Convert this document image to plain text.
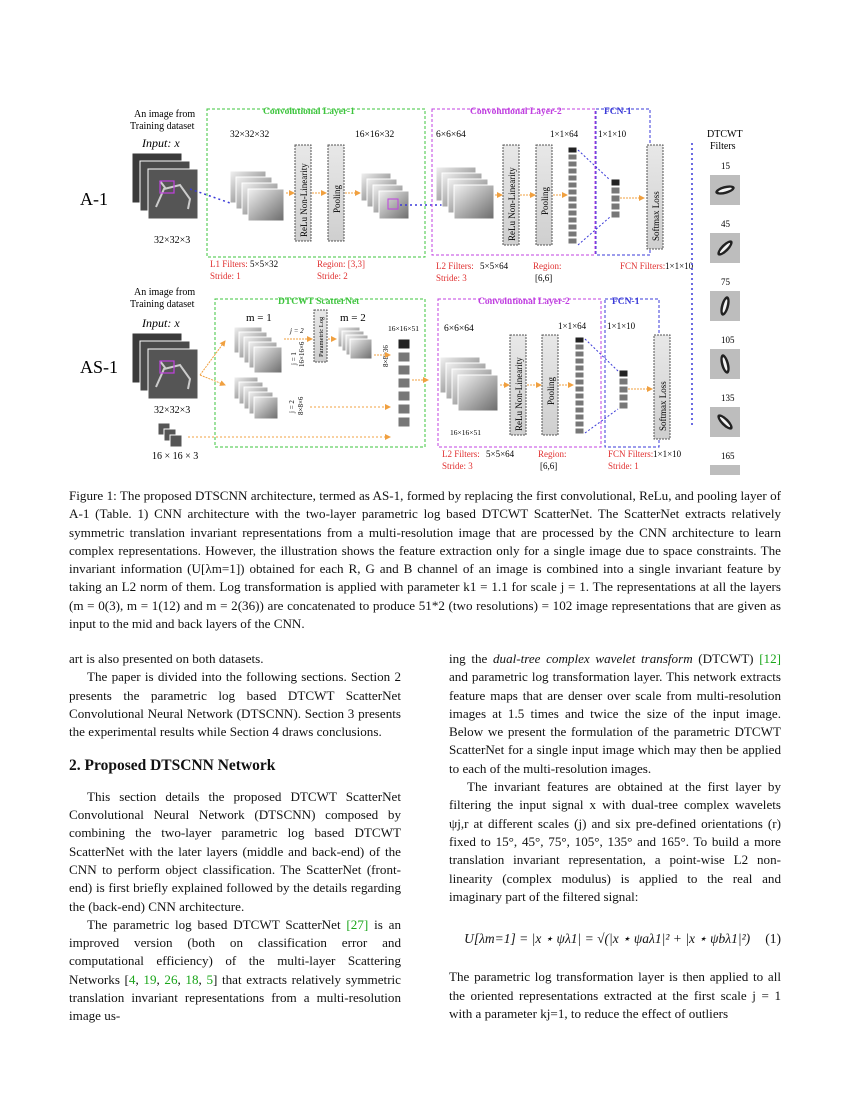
A-1
An image from
Training dataset
Input: x
32×32×3
Convolutional Layer-1
32×32×32
ReLu Non-Linearity	Pooling
16×16×32
L1 Filters: 5×5×32
Stride: 1
Region: [3,3]
Stride: 2
Convolutional Layer-2
6×6×64
ReLu Non-Linearity	Pooling
1×1×64
FCN-1
1×1×10
Softmax Loss
L2 Filters: 5×5×64
Stride: 3
Region:
[6,6]
FCN Filters: 1×1×10
AS-1
An image from
Training dataset
Input: x
32×32×3
16 × 16 × 3
DTCWT ScatterNet
m = 1
j = 1 16×16×6
j = 2 Parametric Log m = 2
8×8×36
j = 2 8×8×6
16×16×51
Convolutional Layer-2
6×6×64
16×16×51
ReLu Non-Linearity Pooling
1×1×64
FCN-1
1×1×10
Softmax Loss
L2 Filters: 5×5×64
Stride: 3
Region:
[6,6]
FCN Filters: 1×1×10
Stride: 1
DTCWT
Filters
15
45
75
105
135
165
Figure 1: The proposed DTSCNN architecture, termed as AS-1, formed by replacing the first convolutional, ReLu, and pooling layer of A-1 (Table. 1) CNN architecture with the two-layer parametric log based DTCWT ScatterNet. The ScatterNet extracts relatively symmetric translation invariant representations from a multi-resolution image that are processed by the CNN architecture to learn complex representations. However, the illustration shows the feature extraction only for a single image due to space constraints. The invariant information (U[λm=1]) obtained for each R, G and B channel of an image is combined into a single invariant feature by taking an L2 norm of them. Log transformation is applied with parameter k1 = 1.1 for scale j = 1. The representations at all the layers (m = 0(3), m = 1(12) and m = 2(36)) are concatenated to produce 51*2 (two resolutions) = 102 image representations that are given as input to the mid and back layers of the CNN.

art is also presented on both datasets.

The paper is divided into the following sections. Section 2 presents the parametric log based DTCWT ScatterNet Convolutional Neural Network (DTSCNN). Section 3 presents the experimental results while Section 4 draws conclusions.

2. Proposed DTSCNN Network

This section details the proposed DTCWT ScatterNet Convolutional Neural Network (DTSCNN) composed by combining the two-layer parametric log based DTCWT ScatterNet with the later layers (middle and back-end) of the CNN to perform object classification. The ScatterNet (front-end) is first briefly explained followed by the details regarding the (back-end) CNN architecture.

The parametric log based DTCWT ScatterNet [27] is an improved version (both on classification error and computational efficiency) of the multi-layer Scattering Networks [4, 19, 26, 18, 5] that extracts relatively symmetric translation invariant representations from a multi-resolution image us-

ing the dual-tree complex wavelet transform (DTCWT) [12] and parametric log transformation layer. This network extracts feature maps that are denser over scale from multi-resolution images at 1.5 times and twice the size of the input image. Below we present the formulation of the parametric DTCWT ScatterNet for a single input image which may then be applied to each of the multi-resolution images.

The invariant features are obtained at the first layer by filtering the input signal x with dual-tree complex wavelets ψj,r at different scales (j) and six pre-defined orientations (r) fixed to 15°, 45°, 75°, 105°, 135° and 165°. To build a more translation invariant representation, a point-wise L2 non-linearity (complex modulus) is applied to the real and imaginary part of the filtered signal:

U[λm=1] = |x ⋆ ψλ1| = √(|x ⋆ ψaλ1|² + |x ⋆ ψbλ1|²)	(1)

The parametric log transformation layer is then applied to all the oriented representations extracted at the first scale j = 1 with a parameter kj=1, to reduce the effect of outliers
